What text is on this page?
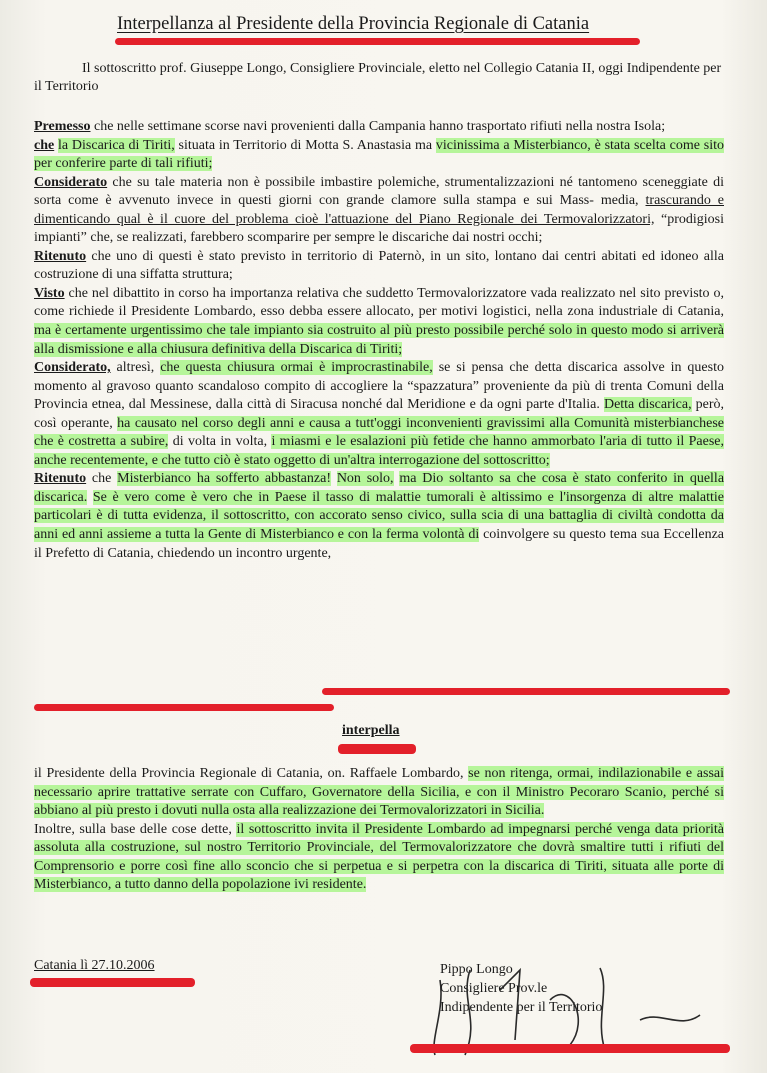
Interpellanza al Presidente della Provincia Regionale di Catania
Il sottoscritto prof. Giuseppe Longo, Consigliere Provinciale, eletto nel Collegio Catania II, oggi Indipendente per il Territorio

Premesso che nelle settimane scorse navi provenienti dalla Campania hanno trasportato rifiuti nella nostra Isola;

che la Discarica di Tiriti, situata in Territorio di Motta S. Anastasia ma vicinissima a Misterbianco, è stata scelta come sito per conferire parte di tali rifiuti;

Considerato che su tale materia non è possibile imbastire polemiche, strumentalizzazioni né tantomeno sceneggiate di sorta come è avvenuto invece in questi giorni con grande clamore sulla stampa e sui Mass- media, trascurando e dimenticando qual è il cuore del problema cioè l'attuazione del Piano Regionale dei Termovalorizzatori, “prodigiosi impianti” che, se realizzati, farebbero scomparire per sempre le discariche dai nostri occhi;

Ritenuto che uno di questi è stato previsto in territorio di Paternò, in un sito, lontano dai centri abitati ed idoneo alla costruzione di una siffatta struttura;

Visto che nel dibattito in corso ha importanza relativa che suddetto Termovalorizzatore vada realizzato nel sito previsto o, come richiede il Presidente Lombardo, esso debba essere allocato, per motivi logistici, nella zona industriale di Catania, ma è certamente urgentissimo che tale impianto sia costruito al più presto possibile perché solo in questo modo si arriverà alla dismissione e alla chiusura definitiva della Discarica di Tiriti;

Considerato, altresì, che questa chiusura ormai è improcrastinabile, se si pensa che detta discarica assolve in questo momento al gravoso quanto scandaloso compito di accogliere la “spazzatura” proveniente da più di trenta Comuni della Provincia etnea, dal Messinese, dalla città di Siracusa nonché dal Meridione e da ogni parte d'Italia. Detta discarica, però, così operante, ha causato nel corso degli anni e causa a tutt'oggi inconvenienti gravissimi alla Comunità misterbianchese che è costretta a subire, di volta in volta, i miasmi e le esalazioni più fetide che hanno ammorbato l'aria di tutto il Paese, anche recentemente, e che tutto ciò è stato oggetto di un'altra interrogazione del sottoscritto;

Ritenuto che Misterbianco ha sofferto abbastanza! Non solo, ma Dio soltanto sa che cosa è stato conferito in quella discarica. Se è vero come è vero che in Paese il tasso di malattie tumorali è altissimo e l'insorgenza di altre malattie particolari è di tutta evidenza, il sottoscritto, con accorato senso civico, sulla scia di una battaglia di civiltà condotta da anni ed anni assieme a tutta la Gente di Misterbianco e con la ferma volontà di coinvolgere su questo tema sua Eccellenza il Prefetto di Catania, chiedendo un incontro urgente,

interpella

il Presidente della Provincia Regionale di Catania, on. Raffaele Lombardo, se non ritenga, ormai, indilazionabile e assai necessario aprire trattative serrate con Cuffaro, Governatore della Sicilia, e con il Ministro Pecoraro Scanio, perché si abbiano al più presto i dovuti nulla osta alla realizzazione dei Termovalorizzatori in Sicilia.

Inoltre, sulla base delle cose dette, il sottoscritto invita il Presidente Lombardo ad impegnarsi perché venga data priorità assoluta alla costruzione, sul nostro Territorio Provinciale, del Termovalorizzatore che dovrà smaltire tutti i rifiuti del Comprensorio e porre così fine allo sconcio che si perpetua e si perpetra con la discarica di Tiriti, situata alle porte di Misterbianco, a tutto danno della popolazione ivi residente.

Catania lì 27.10.2006	Pippo Longo
Consigliere Prov.le
Indipendente per il Territorio
